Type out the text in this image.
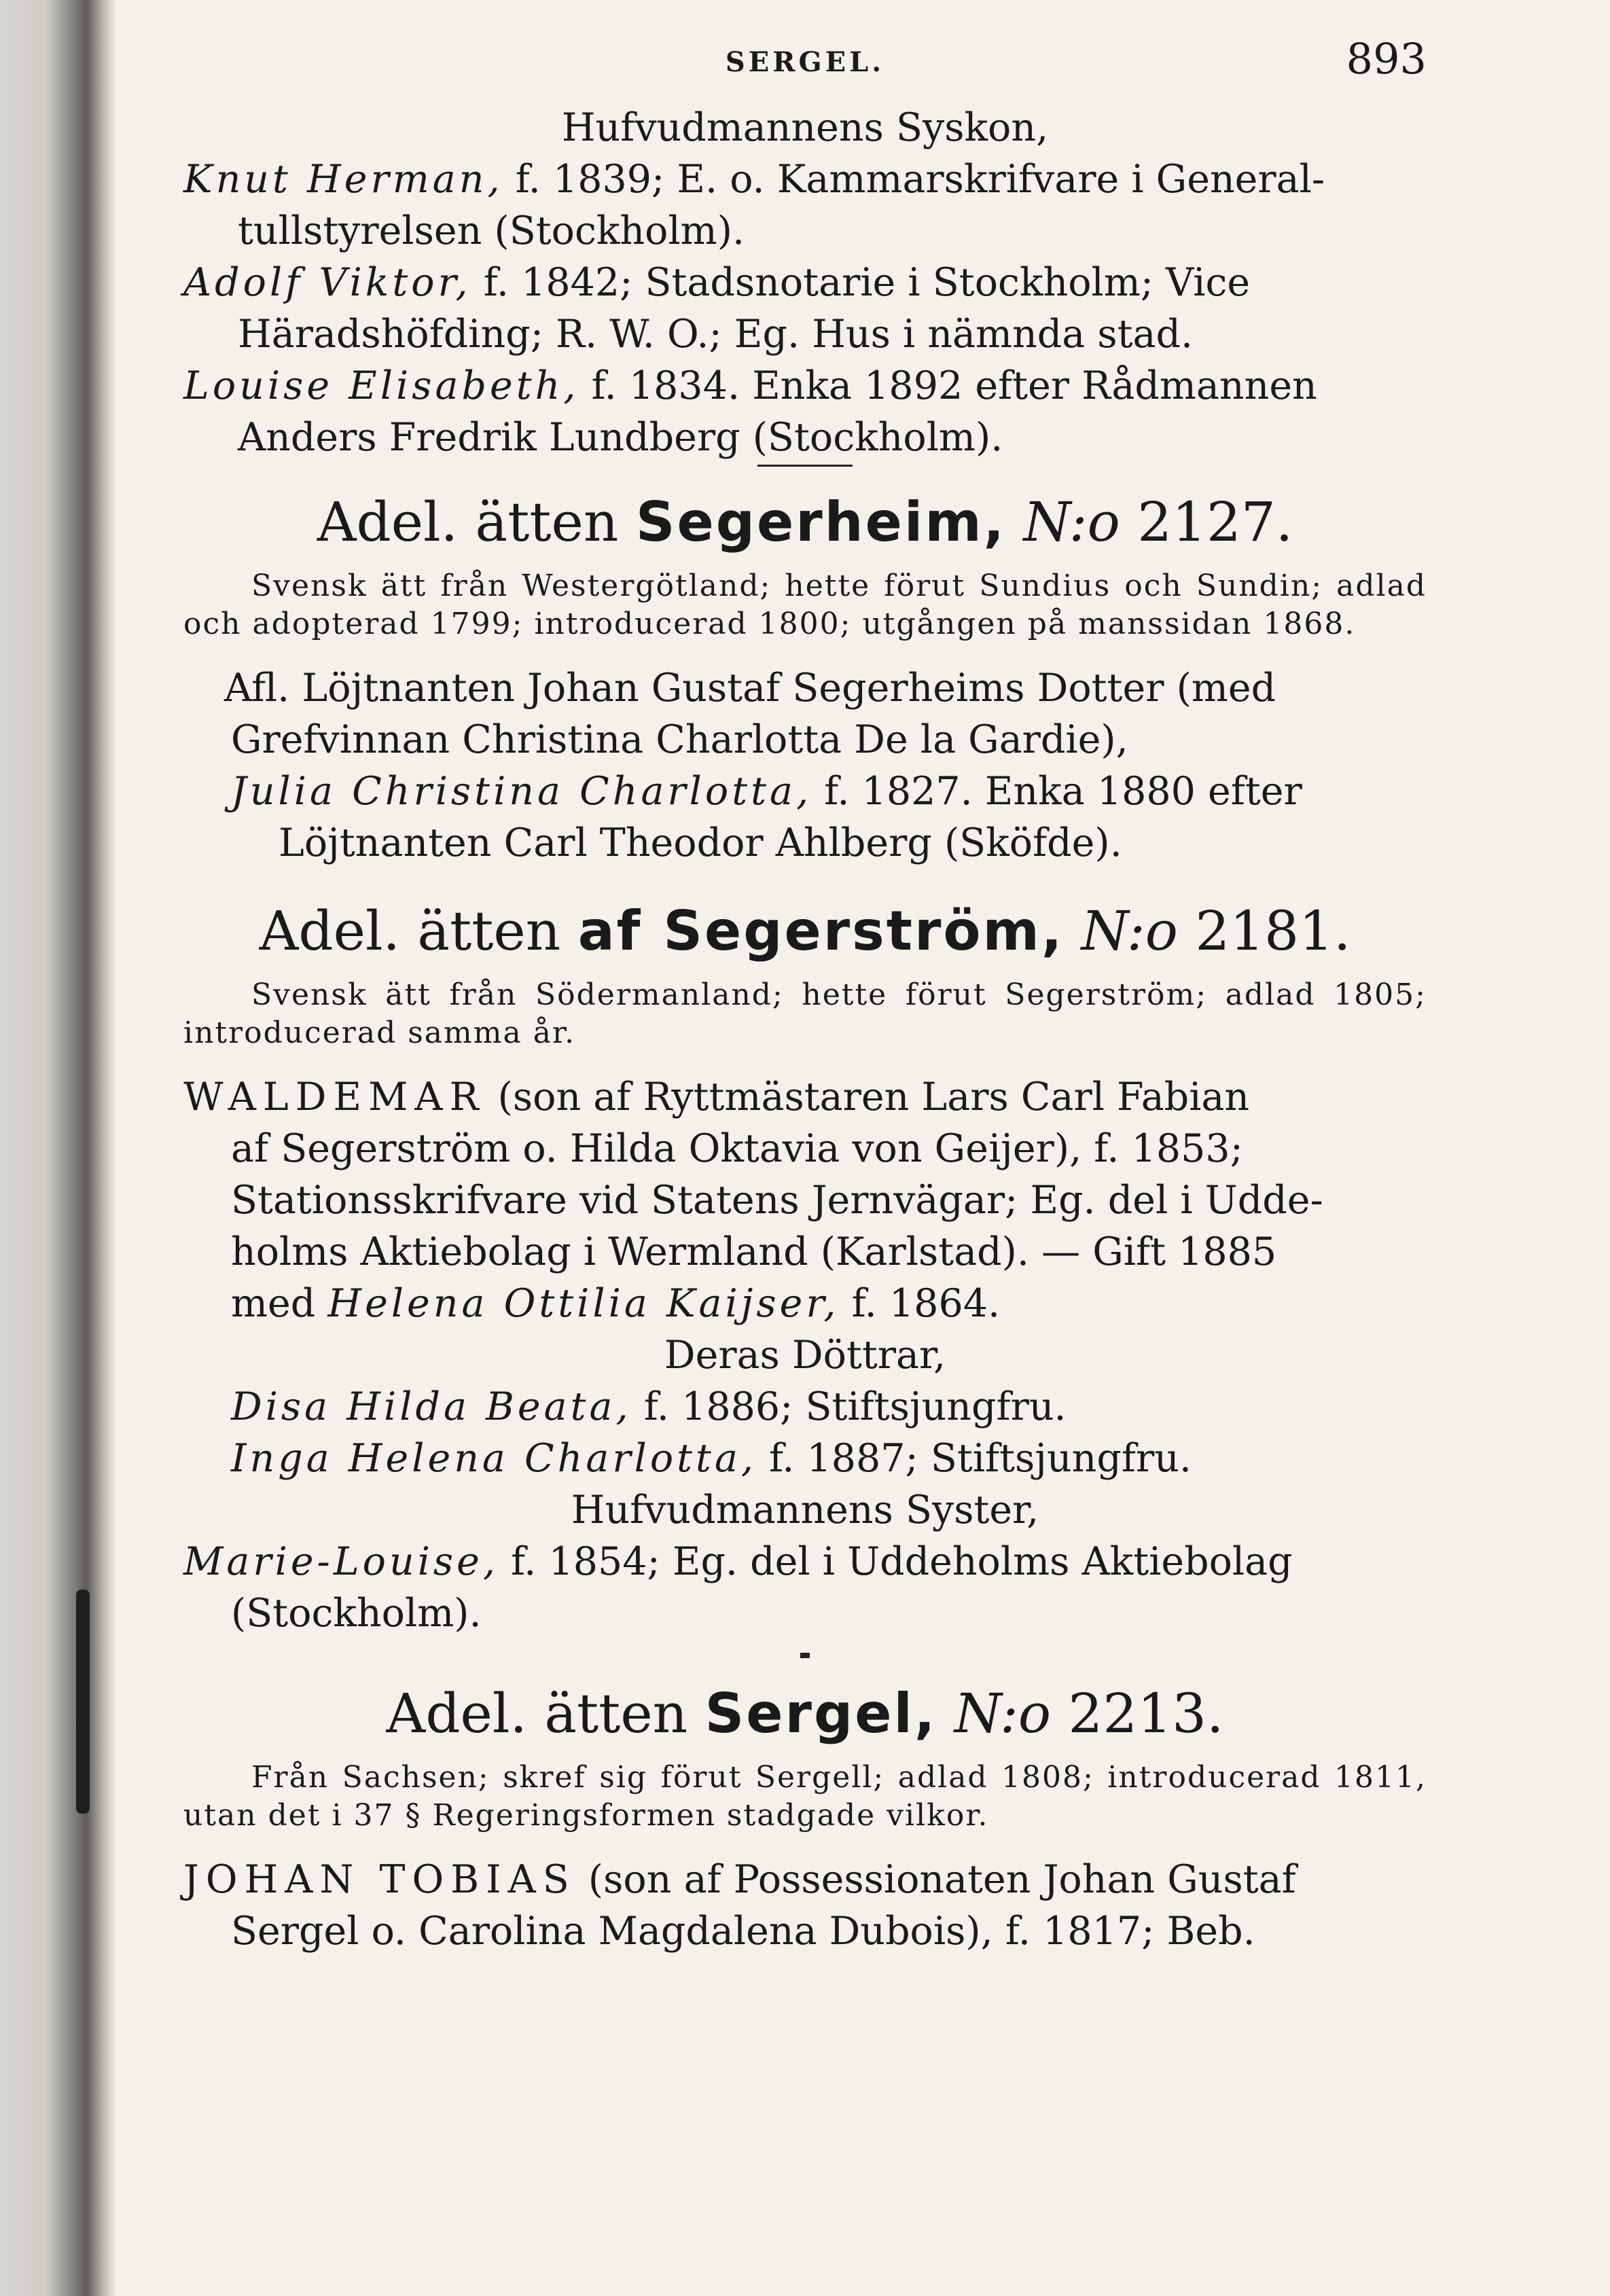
SERGEL.	893
Hufvudmannens Syskon,
Knut Herman, f. 1839; E. o. Kammarskrifvare i General-
tullstyrelsen (Stockholm).
Adolf Viktor, f. 1842; Stadsnotarie i Stockholm; Vice
Häradshöfding; R. W. O.; Eg. Hus i nämnda stad.
Louise Elisabeth, f. 1834. Enka 1892 efter Rådmannen
Anders Fredrik Lundberg (Stockholm).
Adel. ätten Segerheim, N:o 2127.
Svensk ätt från Westergötland; hette förut Sundius och Sundin; adlad och adopterad 1799; introducerad 1800; utgången på manssidan 1868.
Afl. Löjtnanten Johan Gustaf Segerheims Dotter (med
Grefvinnan Christina Charlotta De la Gardie),
Julia Christina Charlotta, f. 1827. Enka 1880 efter
Löjtnanten Carl Theodor Ahlberg (Sköfde).
Adel. ätten af Segerström, N:o 2181.
Svensk ätt från Södermanland; hette förut Segerström; adlad 1805; introducerad samma år.
WALDEMAR (son af Ryttmästaren Lars Carl Fabian
af Segerström o. Hilda Oktavia von Geijer), f. 1853;
Stationsskrifvare vid Statens Jernvägar; Eg. del i Udde-
holms Aktiebolag i Wermland (Karlstad). — Gift 1885
med Helena Ottilia Kaijser, f. 1864.
Deras Döttrar,
Disa Hilda Beata, f. 1886; Stiftsjungfru.
Inga Helena Charlotta, f. 1887; Stiftsjungfru.
Hufvudmannens Syster,
Marie-Louise, f. 1854; Eg. del i Uddeholms Aktiebolag
(Stockholm).
Adel. ätten Sergel, N:o 2213.
Från Sachsen; skref sig förut Sergell; adlad 1808; introducerad 1811, utan det i 37 § Regeringsformen stadgade vilkor.
JOHAN TOBIAS (son af Possessionaten Johan Gustaf
Sergel o. Carolina Magdalena Dubois), f. 1817; Beb.
